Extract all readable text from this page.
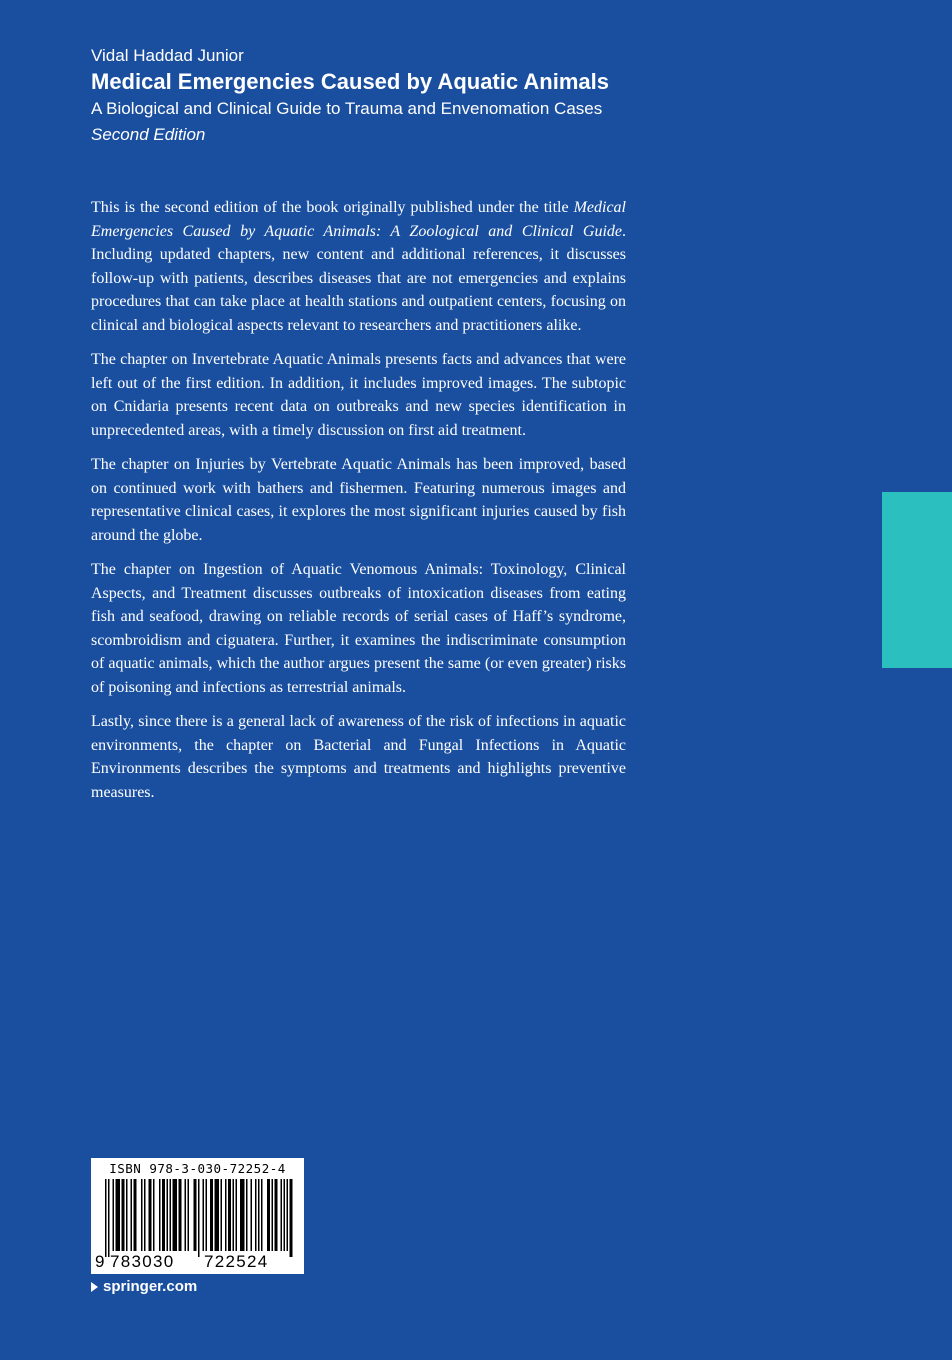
Vidal Haddad Junior
Medical Emergencies Caused by Aquatic Animals
A Biological and Clinical Guide to Trauma and Envenomation Cases
Second Edition

This is the second edition of the book originally published under the title Medical Emergencies Caused by Aquatic Animals: A Zoological and Clinical Guide. Including updated chapters, new content and additional references, it discusses follow-up with patients, describes diseases that are not emergencies and explains procedures that can take place at health stations and outpatient centers, focusing on clinical and biological aspects relevant to researchers and practitioners alike.

The chapter on Invertebrate Aquatic Animals presents facts and advances that were left out of the first edition. In addition, it includes improved images. The subtopic on Cnidaria presents recent data on outbreaks and new species identification in unprecedented areas, with a timely discussion on first aid treatment.

The chapter on Injuries by Vertebrate Aquatic Animals has been improved, based on continued work with bathers and fishermen. Featuring numerous images and representative clinical cases, it explores the most significant injuries caused by fish around the globe.

The chapter on Ingestion of Aquatic Venomous Animals: Toxinology, Clinical Aspects, and Treatment discusses outbreaks of intoxication diseases from eating fish and seafood, drawing on reliable records of serial cases of Haff’s syndrome, scombroidism and ciguatera. Further, it examines the indiscriminate consumption of aquatic animals, which the author argues present the same (or even greater) risks of poisoning and infections as terrestrial animals.

Lastly, since there is a general lack of awareness of the risk of infections in aquatic environments, the chapter on Bacterial and Fungal Infections in Aquatic Environments describes the symptoms and treatments and highlights preventive measures.

ISBN 978-3-030-72252-4
9 783030 722524
springer.com
